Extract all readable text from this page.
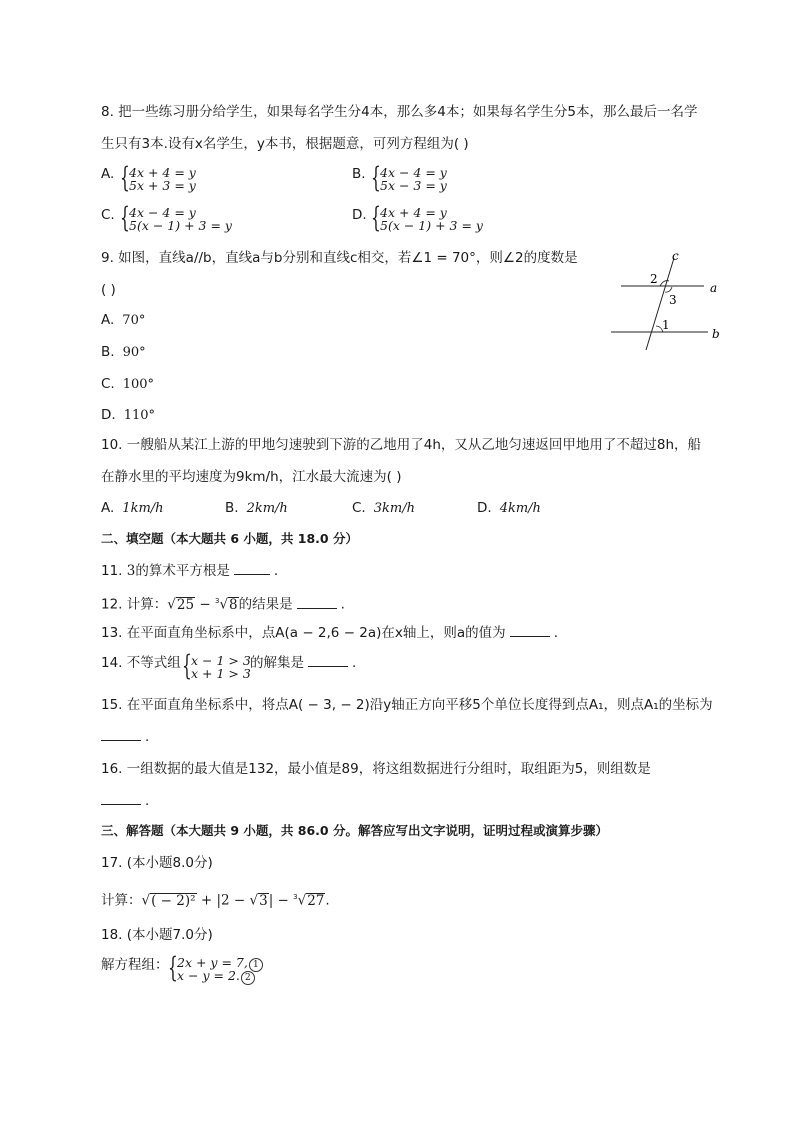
8. 把一些练习册分给学生，如果每名学生分4本，那么多4本；如果每名学生分5本，那么最后一名学
生只有3本.设有x名学生，y本书，根据题意，可列方程组为( )
A. { 4x + 4 = y
5x + 3 = y
B. { 4x − 4 = y
5x − 3 = y
C. { 4x − 4 = y
5(x − 1) + 3 = y
D. { 4x + 4 = y
5(x − 1) + 3 = y
9. 如图，直线a//b，直线a与b分别和直线c相交，若∠1 = 70°，则∠2的度数是
( )
A. 70°
B. 90°
C. 100°
D. 110°
c
2
3
a
1
b
10. 一艘船从某江上游的甲地匀速驶到下游的乙地用了4h，又从乙地匀速返回甲地用了不超过8h，船
在静水里的平均速度为9km/h，江水最大流速为( )
A. 1km/h	B. 2km/h	C. 3km/h	D. 4km/h
二、填空题（本大题共 6 小题，共 18.0 分）
11. 3的算术平方根是	.
12. 计算：√25 − $^3$√8的结果是	.
13. 在平面直角坐标系中，点A(a − 2,6 − 2a)在x轴上，则a的值为	.
14. 不等式组 { x − 1 > 3
x + 1 > 3
的解集是	.
15. 在平面直角坐标系中，将点A( − 3, − 2)沿y轴正方向平移5个单位长度得到点A₁，则点A₁的坐标为
.
16. 一组数据的最大值是132，最小值是89，将这组数据进行分组时，取组距为5，则组数是
.
三、解答题（本大题共 9 小题，共 86.0 分。解答应写出文字说明，证明过程或演算步骤）
17. (本小题8.0分)
计算：√( − 2)² + |2 − √3| − $^3$√27.
18. (本小题7.0分)
解方程组： { 2x + y = 7, 1
x − y = 2. 2
